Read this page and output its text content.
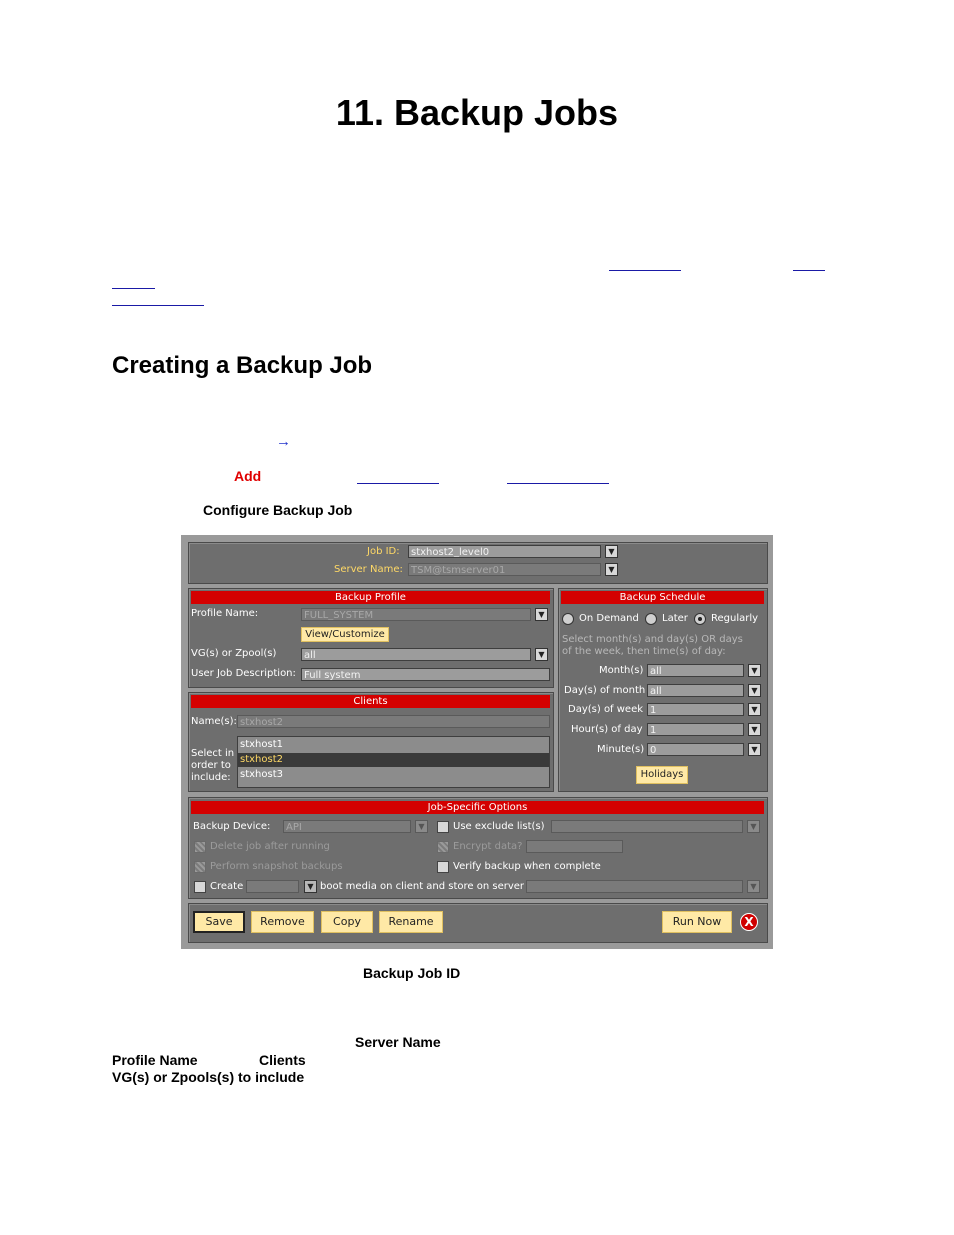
11. Backup Jobs
Creating a Backup Job
→
Add
Configure Backup Job
Job ID:	stxhost2_level0	▼
Server Name: TSM@tsmserver01	▼
Backup Profile
Profile Name:	FULL_SYSTEM	▼
View/Customize
VG(s) or Zpool(s)	all	▼
User Job Description: Full system
Clients
Name(s): stxhost2
Select in
order to
include:
stxhost1
stxhost2
stxhost3
Backup Schedule
On Demand Later Regularly
Select month(s) and day(s) OR days
of the week, then time(s) of day:
Month(s) all	▼
Day(s) of month all	▼
Day(s) of week 1	▼
Hour(s) of day 1	▼
Minute(s) 0	▼
Holidays
Job-Specific Options
Backup Device:	API	▼	Use exclude list(s)	▼
Delete job after running	Encrypt data?
Perform snapshot backups	Verify backup when complete
Create	▼ boot media on client and store on server	▼
Save	Remove	Copy	Rename	Run Now	X
Backup Job ID
Server Name
Profile Name	Clients
VG(s) or Zpools(s) to include
